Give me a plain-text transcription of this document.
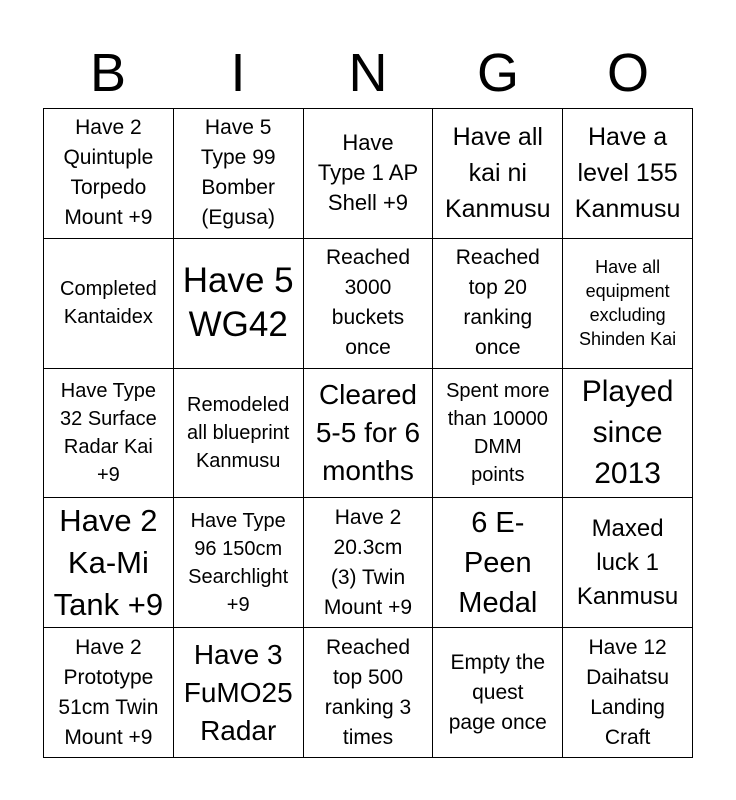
B	I	N	G	O
Have 2
Quintuple
Torpedo
Mount +9
Have 5
Type 99
Bomber
(Egusa)
Have
Type 1 AP
Shell +9
Have all
kai ni
Kanmusu
Have a
level 155
Kanmusu
Completed
Kantaidex
Have 5
WG42
Reached
3000
buckets
once
Reached
top 20
ranking
once
Have all
equipment
excluding
Shinden Kai
Have Type
32 Surface
Radar Kai
+9
Remodeled
all blueprint
Kanmusu
Cleared
5-5 for 6
months
Spent more
than 10000
DMM
points
Played
since
2013
Have 2
Ka-Mi
Tank +9
Have Type
96 150cm
Searchlight
+9
Have 2
20.3cm
(3) Twin
Mount +9
6 E-
Peen
Medal
Maxed
luck 1
Kanmusu
Have 2
Prototype
51cm Twin
Mount +9
Have 3
FuMO25
Radar
Reached
top 500
ranking 3
times
Empty the
quest
page once
Have 12
Daihatsu
Landing
Craft
